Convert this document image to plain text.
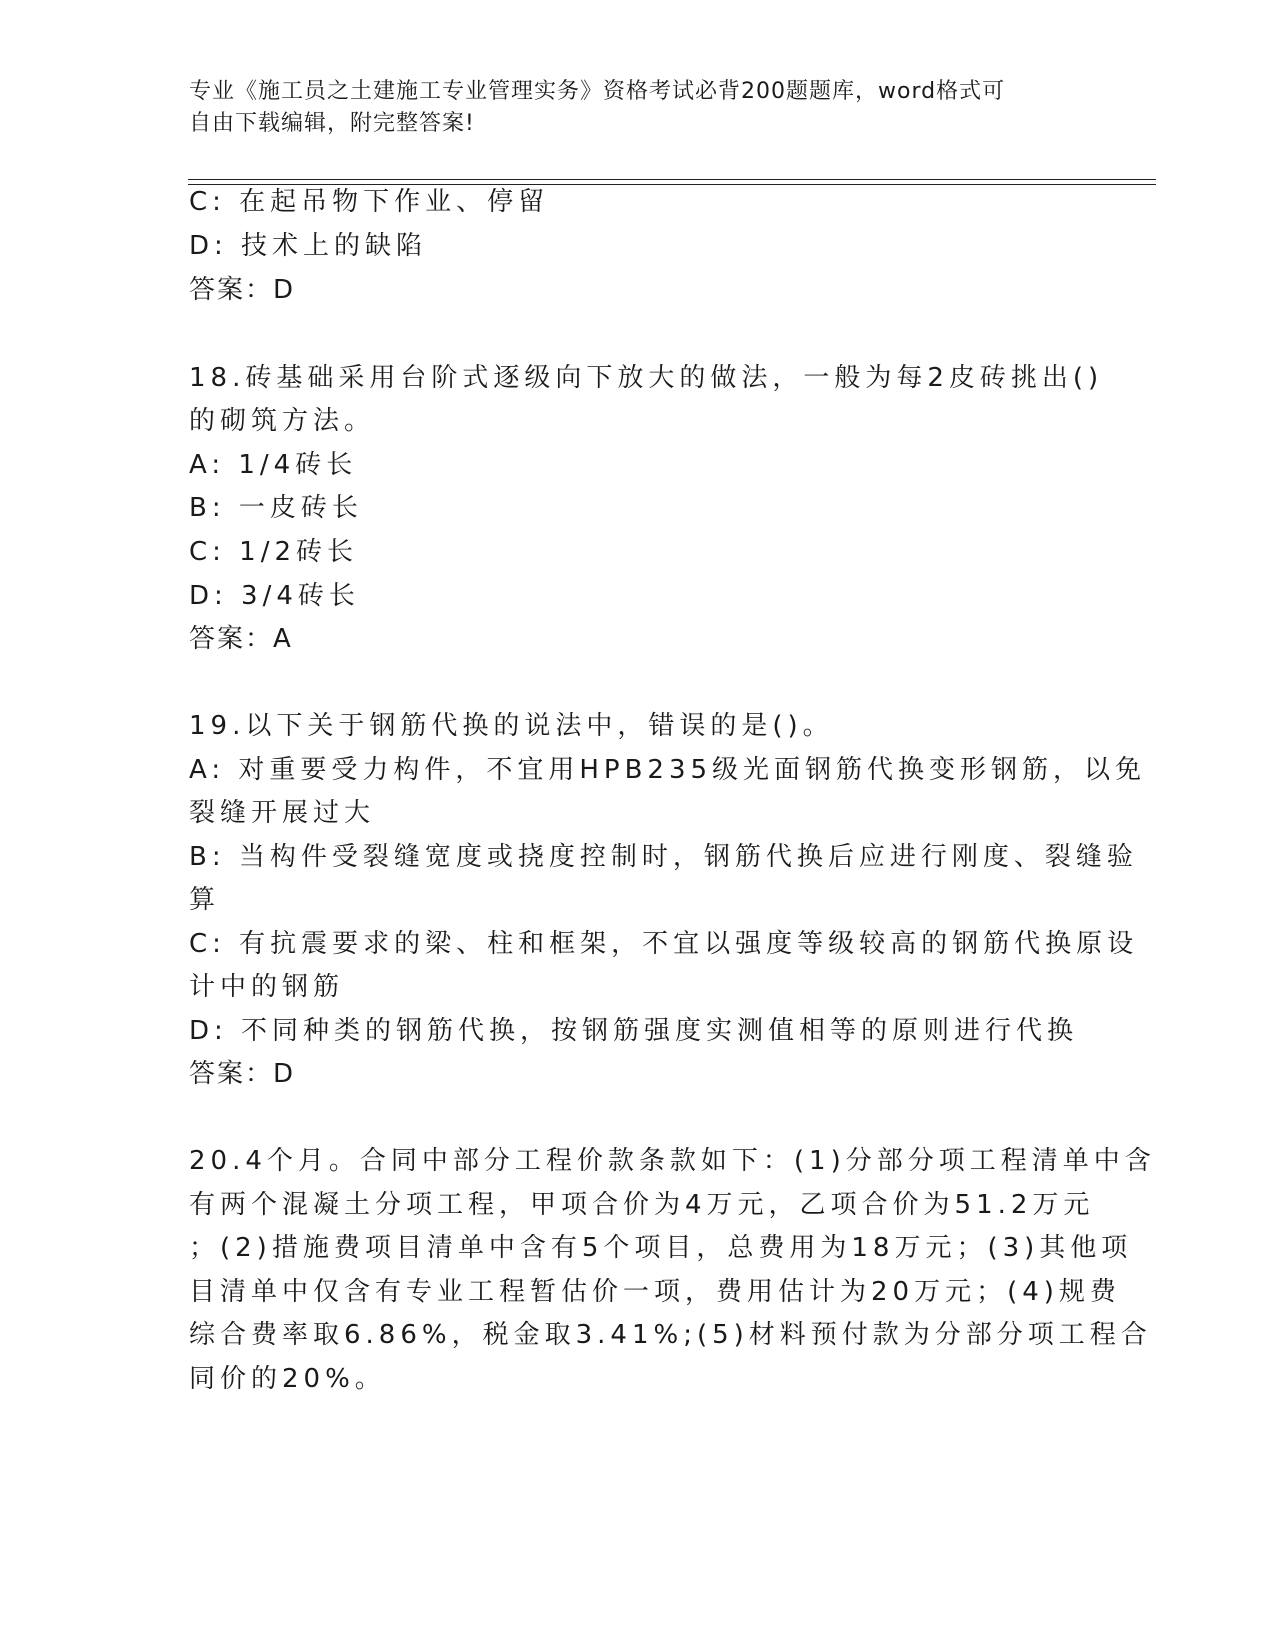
专业《施工员之土建施工专业管理实务》资格考试必背200题题库，word格式可
自由下载编辑，附完整答案!
C: 在起吊物下作业、停留
D: 技术上的缺陷
答案：D
18.砖基础采用台阶式逐级向下放大的做法，一般为每2皮砖挑出()
的砌筑方法。
A: 1/4砖长
B: 一皮砖长
C: 1/2砖长
D: 3/4砖长
答案：A
19.以下关于钢筋代换的说法中，错误的是()。
A: 对重要受力构件，不宜用HPB235级光面钢筋代换变形钢筋，以免
裂缝开展过大
B: 当构件受裂缝宽度或挠度控制时，钢筋代换后应进行刚度、裂缝验
算
C: 有抗震要求的梁、柱和框架，不宜以强度等级较高的钢筋代换原设
计中的钢筋
D: 不同种类的钢筋代换，按钢筋强度实测值相等的原则进行代换
答案：D
20.4个月。合同中部分工程价款条款如下：(1)分部分项工程清单中含
有两个混凝土分项工程，甲项合价为4万元，乙项合价为51.2万元
；(2)措施费项目清单中含有5个项目，总费用为18万元；(3)其他项
目清单中仅含有专业工程暂估价一项，费用估计为20万元；(4)规费
综合费率取6.86%，税金取3.41%;(5)材料预付款为分部分项工程合
同价的20%。
